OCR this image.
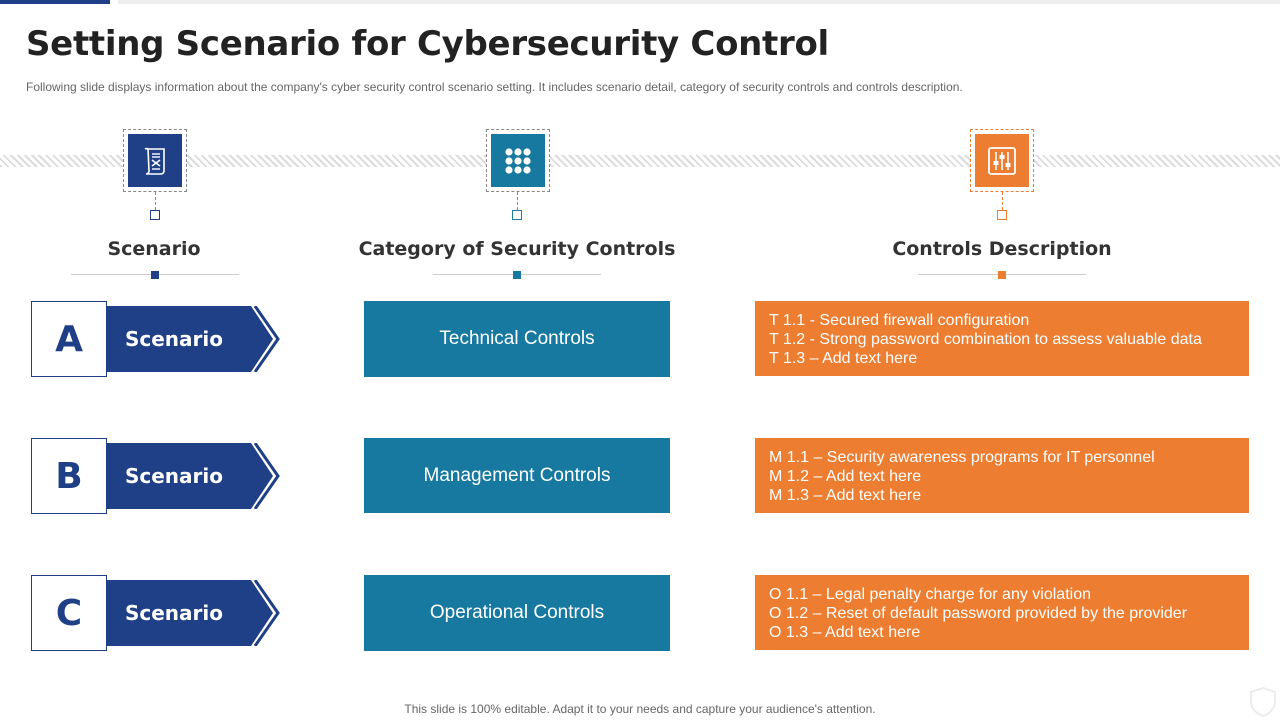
Setting Scenario for Cybersecurity Control

Following slide displays information about the company's cyber security control scenario setting. It includes scenario detail, category of security controls and controls description.

Scenario	Category of Security Controls	Controls Description
A	Scenario	Technical Controls
T 1.1 - Secured firewall configuration
T 1.2 - Strong password combination to assess valuable data
T 1.3 – Add text here
B	Scenario	Management Controls
M 1.1 – Security awareness programs for IT personnel
M 1.2 – Add text here
M 1.3 – Add text here
C	Scenario	Operational Controls
O 1.1 – Legal penalty charge for any violation
O 1.2 – Reset of default password provided by the provider
O 1.3 – Add text here
This slide is 100% editable. Adapt it to your needs and capture your audience's attention.
